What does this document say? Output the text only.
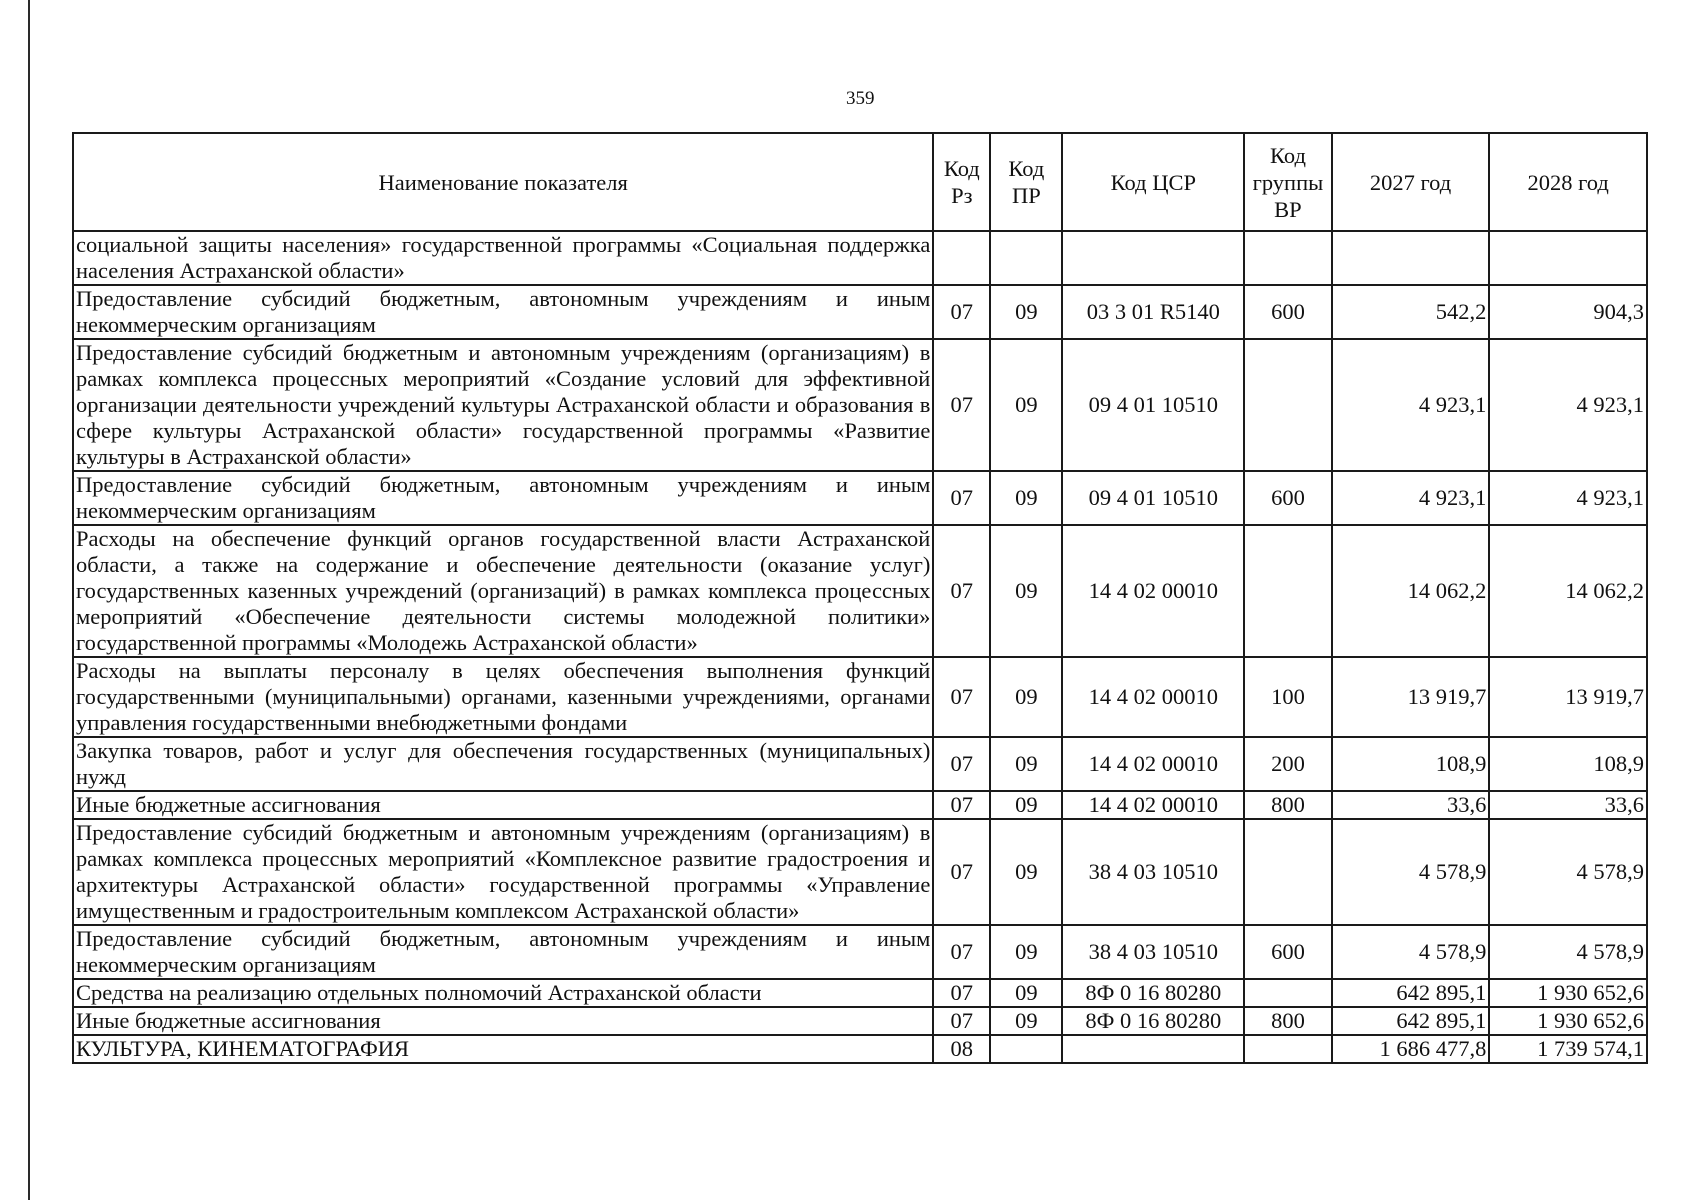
359
Наименование показателя	Код Рз	Код ПР	Код ЦСР	Код группы ВР	2027 год	2028 год
социальной защиты населения» государственной программы «Социальная поддержка населения Астраханской области»						
Предоставление субсидий бюджетным, автономным учреждениям и иным некоммерческим организациям	07	09	03 3 01 R5140	600	542,2	904,3
Предоставление субсидий бюджетным и автономным учреждениям (организациям) в рамках комплекса процессных мероприятий «Создание условий для эффективной организации деятельности учреждений культуры Астраханской области и образования в сфере культуры Астраханской области» государственной программы «Развитие культуры в Астраханской области»	07	09	09 4 01 10510		4 923,1	4 923,1
Предоставление субсидий бюджетным, автономным учреждениям и иным некоммерческим организациям	07	09	09 4 01 10510	600	4 923,1	4 923,1
Расходы на обеспечение функций органов государственной власти Астраханской области, а также на содержание и обеспечение деятельности (оказание услуг) государственных казенных учреждений (организаций) в рамках комплекса процессных мероприятий «Обеспечение деятельности системы молодежной политики» государственной программы «Молодежь Астраханской области»	07	09	14 4 02 00010		14 062,2	14 062,2
Расходы на выплаты персоналу в целях обеспечения выполнения функций государственными (муниципальными) органами, казенными учреждениями, органами управления государственными внебюджетными фондами	07	09	14 4 02 00010	100	13 919,7	13 919,7
Закупка товаров, работ и услуг для обеспечения государственных (муниципальных) нужд	07	09	14 4 02 00010	200	108,9	108,9
Иные бюджетные ассигнования	07	09	14 4 02 00010	800	33,6	33,6
Предоставление субсидий бюджетным и автономным учреждениям (организациям) в рамках комплекса процессных мероприятий «Комплексное развитие градостроения и архитектуры Астраханской области» государственной программы «Управление имущественным и градостроительным комплексом Астраханской области»	07	09	38 4 03 10510		4 578,9	4 578,9
Предоставление субсидий бюджетным, автономным учреждениям и иным некоммерческим организациям	07	09	38 4 03 10510	600	4 578,9	4 578,9
Средства на реализацию отдельных полномочий Астраханской области	07	09	8Ф 0 16 80280		642 895,1	1 930 652,6
Иные бюджетные ассигнования	07	09	8Ф 0 16 80280	800	642 895,1	1 930 652,6
КУЛЬТУРА, КИНЕМАТОГРАФИЯ	08				1 686 477,8	1 739 574,1
